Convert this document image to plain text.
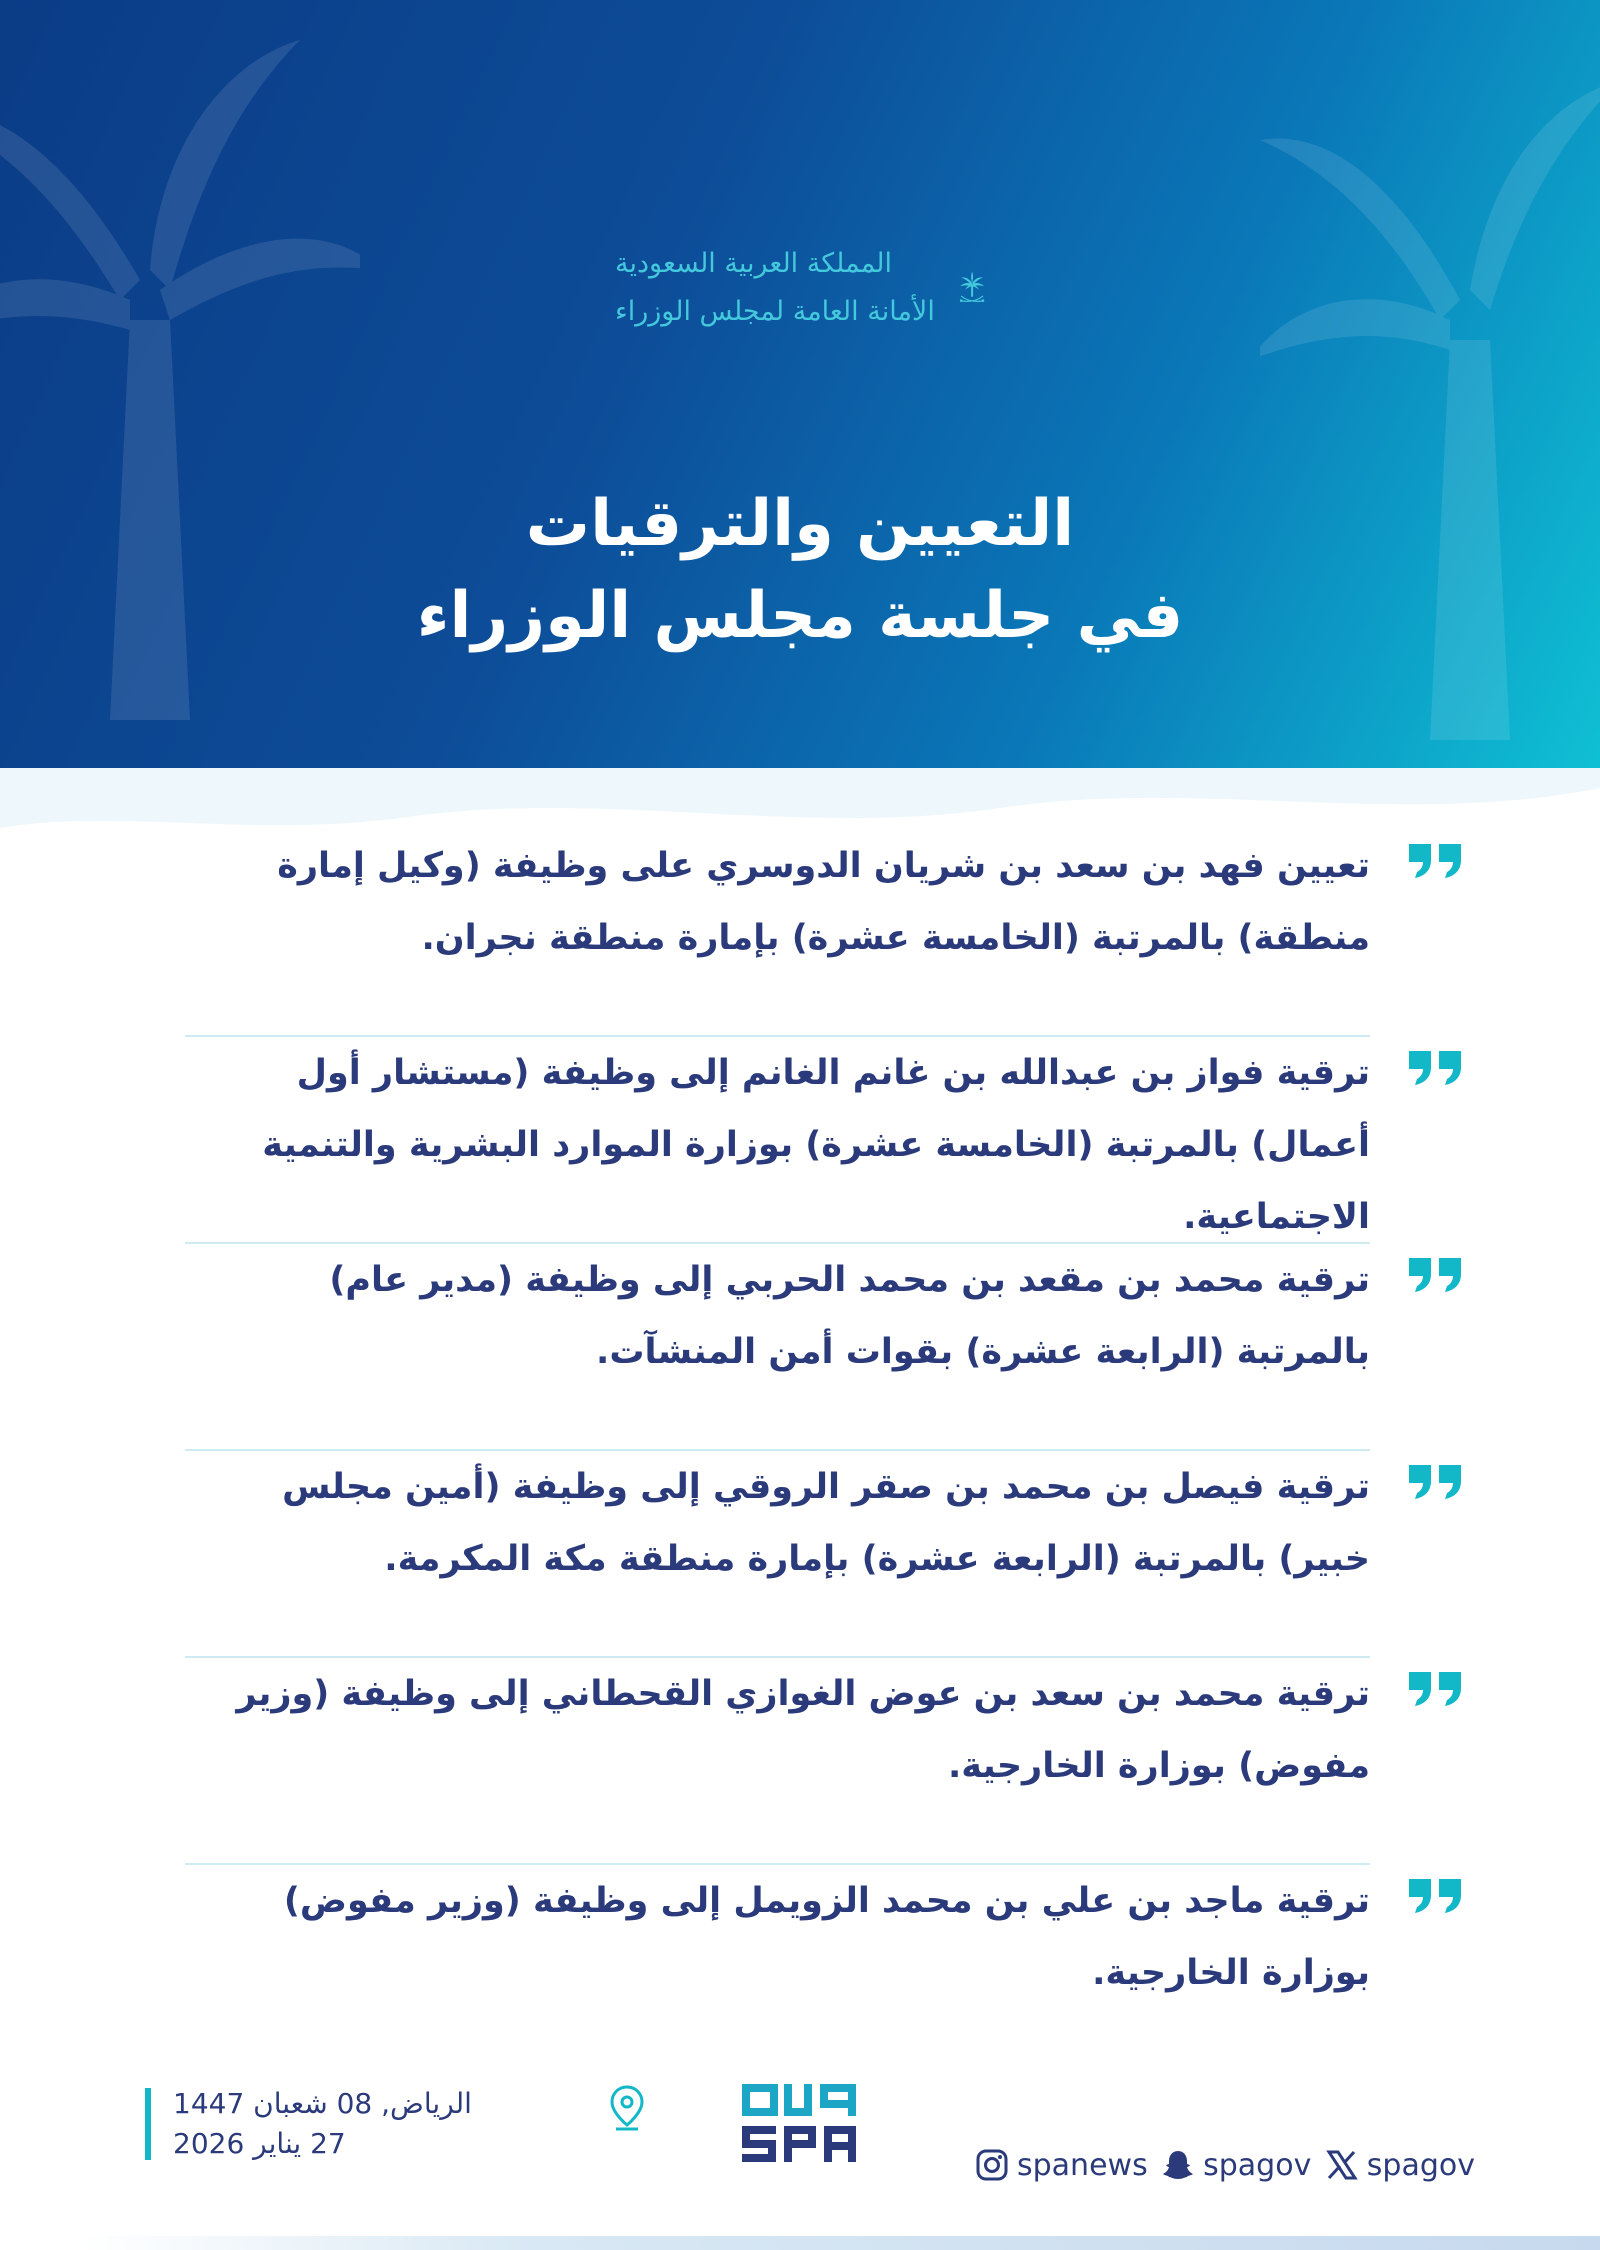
المملكة العربية السعودية
الأمانة العامة لمجلس الوزراء
التعيين والترقيات
في جلسة مجلس الوزراء
تعيين فهد بن سعد بن شريان الدوسري على وظيفة (وكيل إمارة منطقة) بالمرتبة (الخامسة عشرة) بإمارة منطقة نجران.
ترقية فواز بن عبدالله بن غانم الغانم إلى وظيفة (مستشار أول أعمال) بالمرتبة (الخامسة عشرة) بوزارة الموارد البشرية والتنمية الاجتماعية.
ترقية محمد بن مقعد بن محمد الحربي إلى وظيفة (مدير عام) بالمرتبة (الرابعة عشرة) بقوات أمن المنشآت.
ترقية فيصل بن محمد بن صقر الروقي إلى وظيفة (أمين مجلس خبير) بالمرتبة (الرابعة عشرة) بإمارة منطقة مكة المكرمة.
ترقية محمد بن سعد بن عوض الغوازي القحطاني إلى وظيفة (وزير مفوض) بوزارة الخارجية.
ترقية ماجد بن علي بن محمد الزويمل إلى وظيفة (وزير مفوض) بوزارة الخارجية.
الرياض, 08 شعبان 1447
27 يناير 2026
spanews spagov spagov
